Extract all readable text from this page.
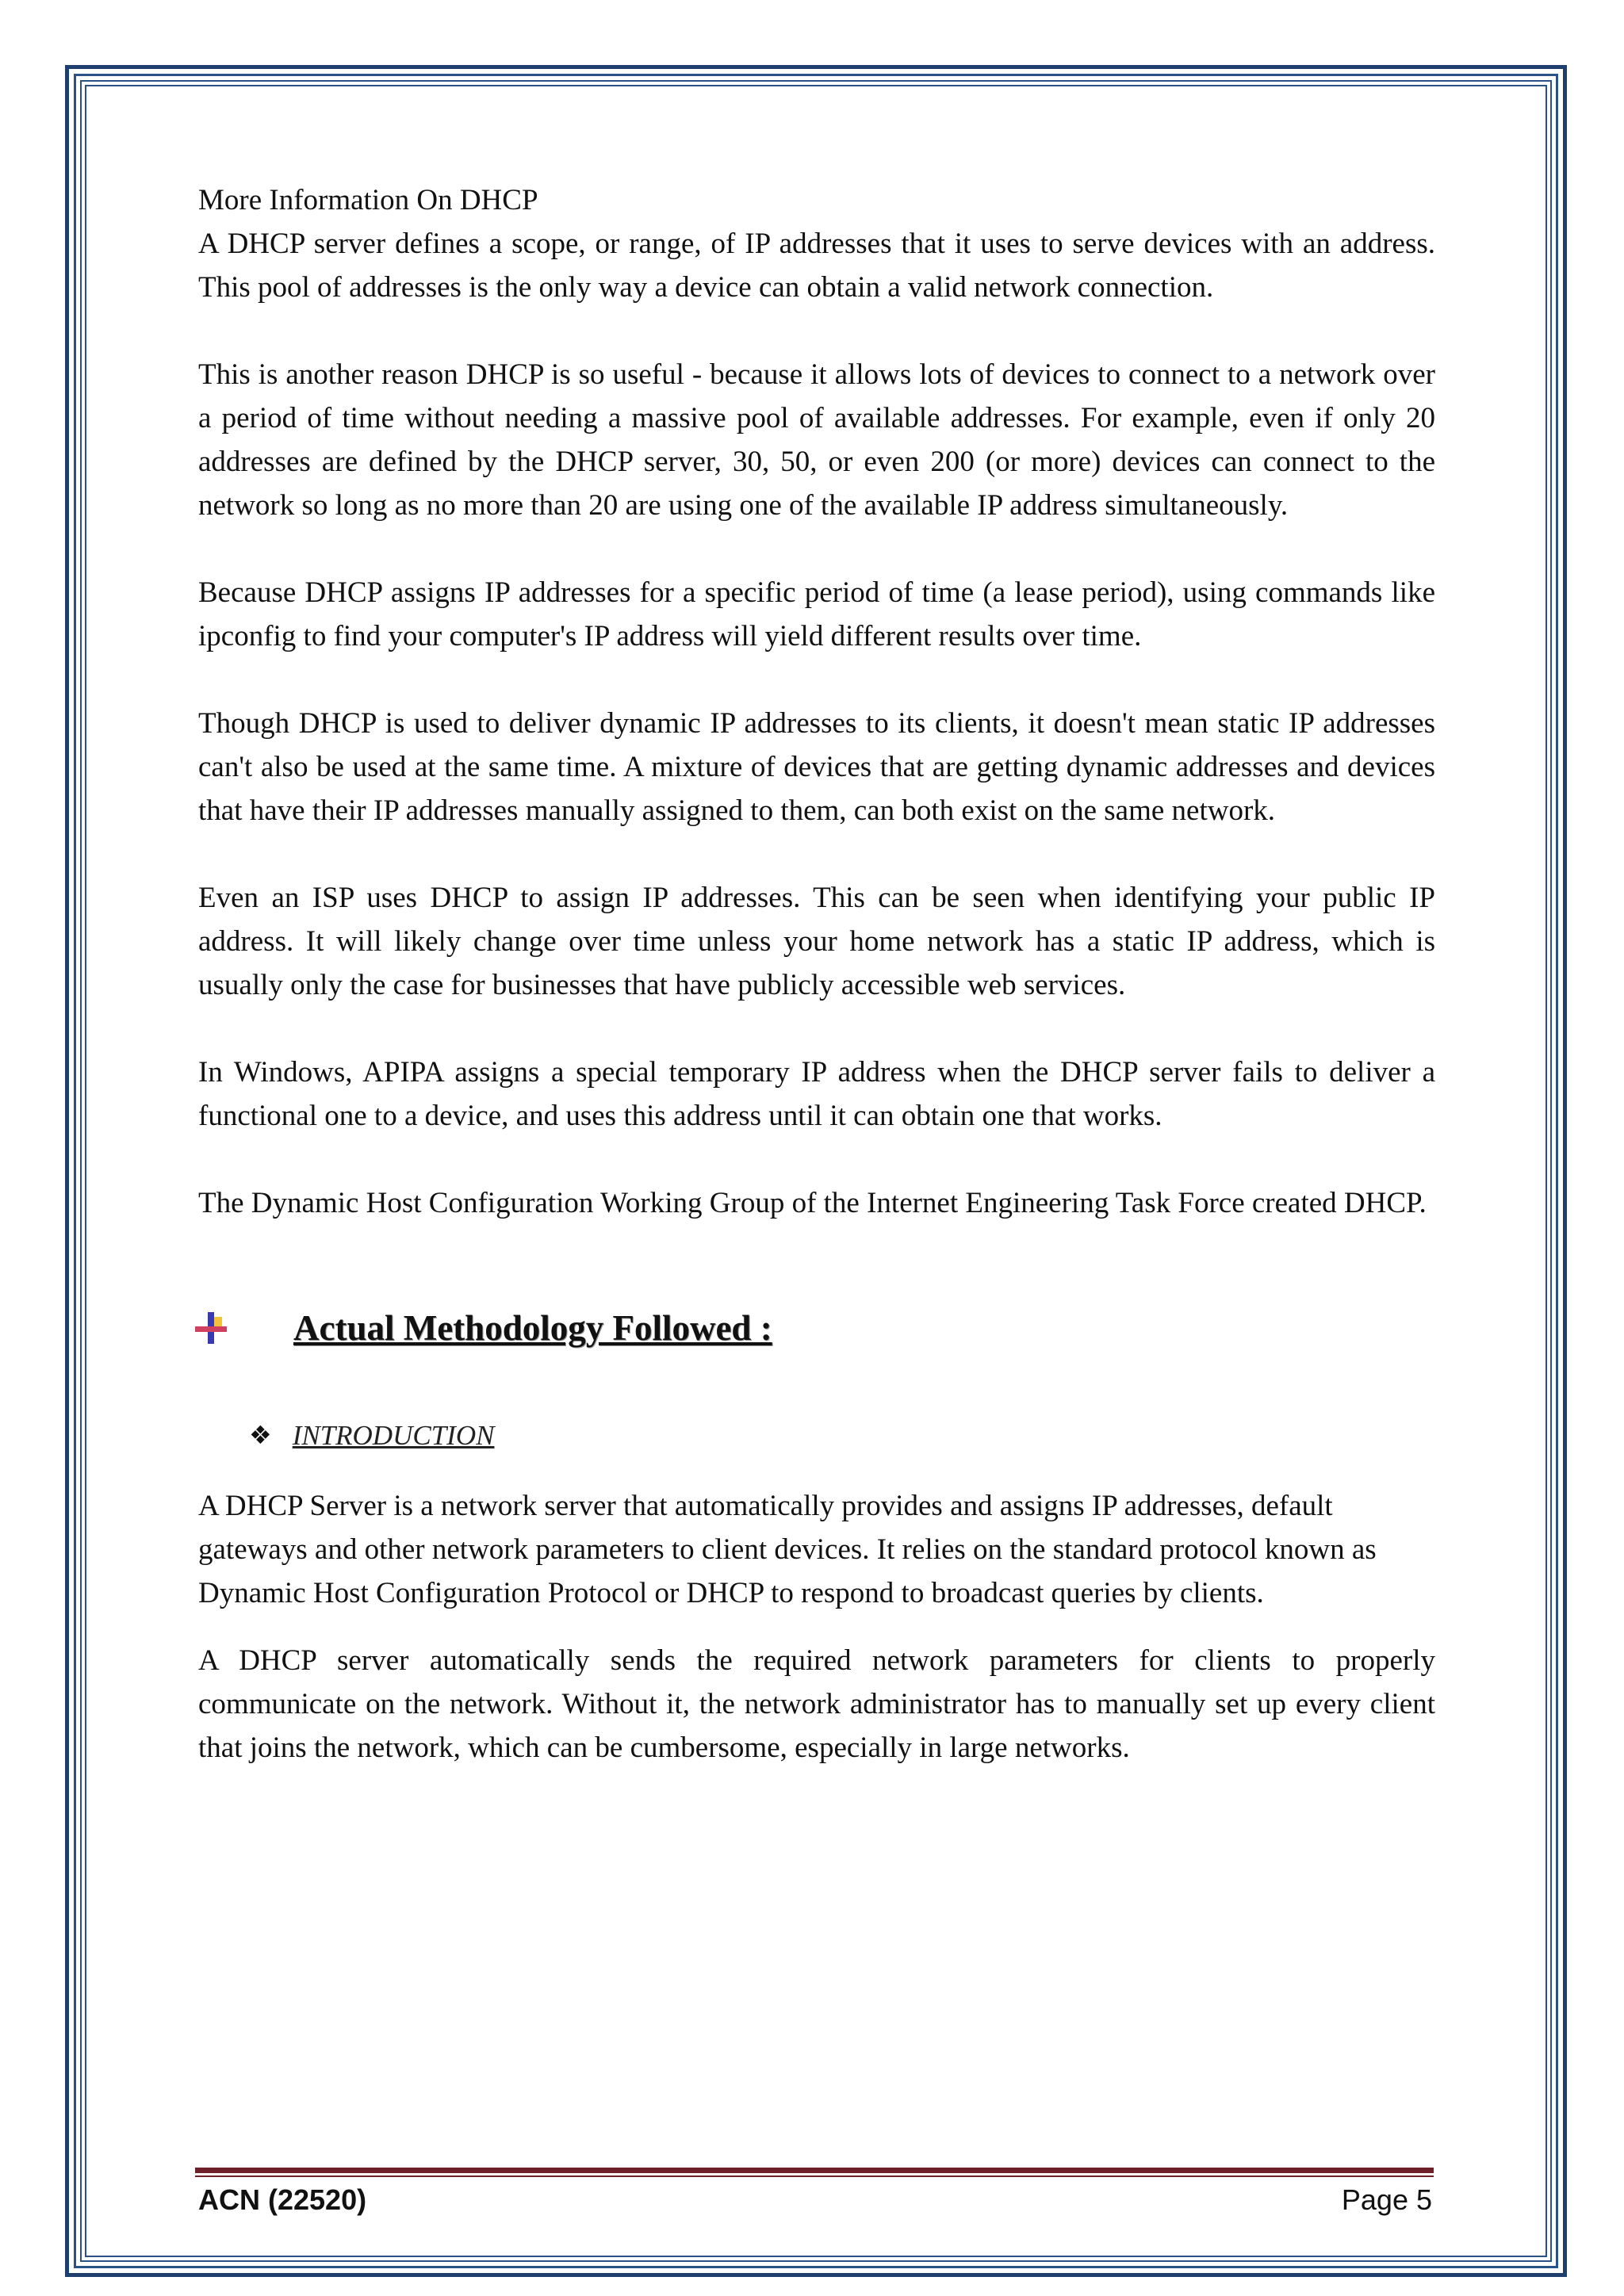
More Information On DHCP

A DHCP server defines a scope, or range, of IP addresses that it uses to serve devices with an address. This pool of addresses is the only way a device can obtain a valid network connection.

This is another reason DHCP is so useful - because it allows lots of devices to connect to a network over a period of time without needing a massive pool of available addresses. For example, even if only 20 addresses are defined by the DHCP server, 30, 50, or even 200 (or more) devices can connect to the network so long as no more than 20 are using one of the available IP address simultaneously.

Because DHCP assigns IP addresses for a specific period of time (a lease period), using commands like ipconfig to find your computer's IP address will yield different results over time.

Though DHCP is used to deliver dynamic IP addresses to its clients, it doesn't mean static IP addresses can't also be used at the same time. A mixture of devices that are getting dynamic addresses and devices that have their IP addresses manually assigned to them, can both exist on the same network.

Even an ISP uses DHCP to assign IP addresses. This can be seen when identifying your public IP address. It will likely change over time unless your home network has a static IP address, which is usually only the case for businesses that have publicly accessible web services.

In Windows, APIPA assigns a special temporary IP address when the DHCP server fails to deliver a functional one to a device, and uses this address until it can obtain one that works.

The Dynamic Host Configuration Working Group of the Internet Engineering Task Force created DHCP.

Actual Methodology Followed :
❖ INTRODUCTION

A DHCP Server is a network server that automatically provides and assigns IP addresses, default gateways and other network parameters to client devices. It relies on the standard protocol known as Dynamic Host Configuration Protocol or DHCP to respond to broadcast queries by clients.

A DHCP server automatically sends the required network parameters for clients to properly communicate on the network. Without it, the network administrator has to manually set up every client that joins the network, which can be cumbersome, especially in large networks.

ACN (22520)	Page 5
